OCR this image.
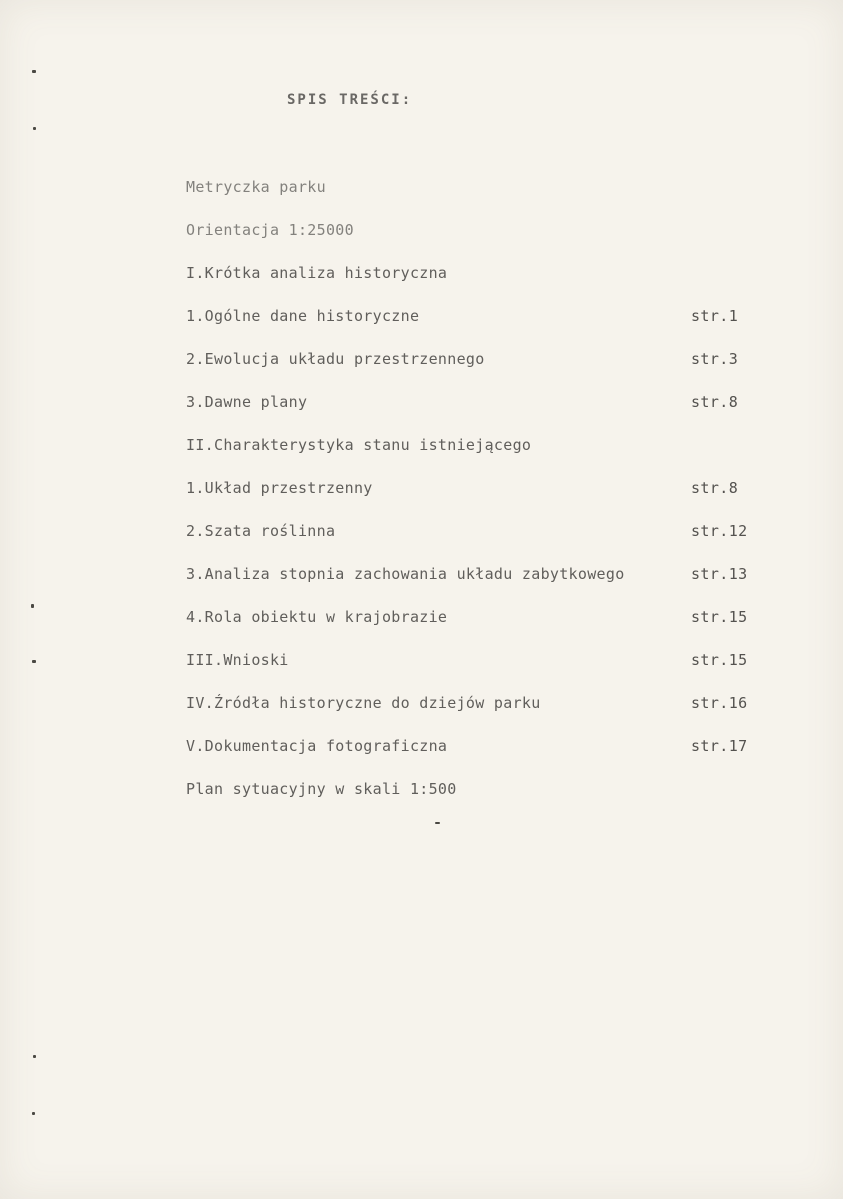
SPIS TREŚCI:
Metryczka parku
Orientacja 1:25000
I.Krótka analiza historyczna
1.Ogólne dane historyczne	str.1
2.Ewolucja układu przestrzennego	str.3
3.Dawne plany	str.8
II.Charakterystyka stanu istniejącego
1.Układ przestrzenny	str.8
2.Szata roślinna	str.12
3.Analiza stopnia zachowania układu zabytkowego	str.13
4.Rola obiektu w krajobrazie	str.15
III.Wnioski	str.15
IV.Źródła historyczne do dziejów parku	str.16
V.Dokumentacja fotograficzna	str.17
Plan sytuacyjny w skali 1:500
